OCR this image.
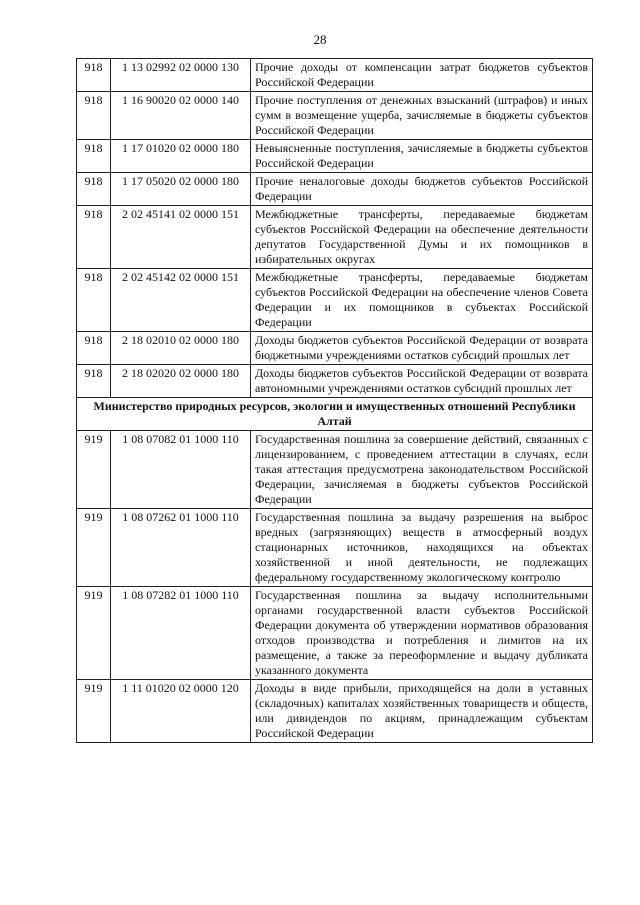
28
918	1 13 02992 02 0000 130	Прочие доходы от компенсации затрат бюджетов субъектов Российской Федерации
918	1 16 90020 02 0000 140	Прочие поступления от денежных взысканий (штрафов) и иных сумм в возмещение ущерба, зачисляемые в бюджеты субъектов Российской Федерации
918	1 17 01020 02 0000 180	Невыясненные поступления, зачисляемые в бюджеты субъектов Российской Федерации
918	1 17 05020 02 0000 180	Прочие неналоговые доходы бюджетов субъектов Российской Федерации
918	2 02 45141 02 0000 151	Межбюджетные трансферты, передаваемые бюджетам субъектов Российской Федерации на обеспечение деятельности депутатов Государственной Думы и их помощников в избирательных округах
918	2 02 45142 02 0000 151	Межбюджетные трансферты, передаваемые бюджетам субъектов Российской Федерации на обеспечение членов Совета Федерации и их помощников в субъектах Российской Федерации
918	2 18 02010 02 0000 180	Доходы бюджетов субъектов Российской Федерации от возврата бюджетными учреждениями остатков субсидий прошлых лет
918	2 18 02020 02 0000 180	Доходы бюджетов субъектов Российской Федерации от возврата автономными учреждениями остатков субсидий прошлых лет
Министерство природных ресурсов, экологии и имущественных отношений Республики Алтай		
919	1 08 07082 01 1000 110	Государственная пошлина за совершение действий, связанных с лицензированием, с проведением аттестации в случаях, если такая аттестация предусмотрена законодательством Российской Федерации, зачисляемая в бюджеты субъектов Российской Федерации
919	1 08 07262 01 1000 110	Государственная пошлина за выдачу разрешения на выброс вредных (загрязняющих) веществ в атмосферный воздух стационарных источников, находящихся на объектах хозяйственной и иной деятельности, не подлежащих федеральному государственному экологическому контролю
919	1 08 07282 01 1000 110	Государственная пошлина за выдачу исполнительными органами государственной власти субъектов Российской Федерации документа об утверждении нормативов образования отходов производства и потребления и лимитов на их размещение, а также за переоформление и выдачу дубликата указанного документа
919	1 11 01020 02 0000 120	Доходы в виде прибыли, приходящейся на доли в уставных (складочных) капиталах хозяйственных товариществ и обществ, или дивидендов по акциям, принадлежащим субъектам Российской Федерации
